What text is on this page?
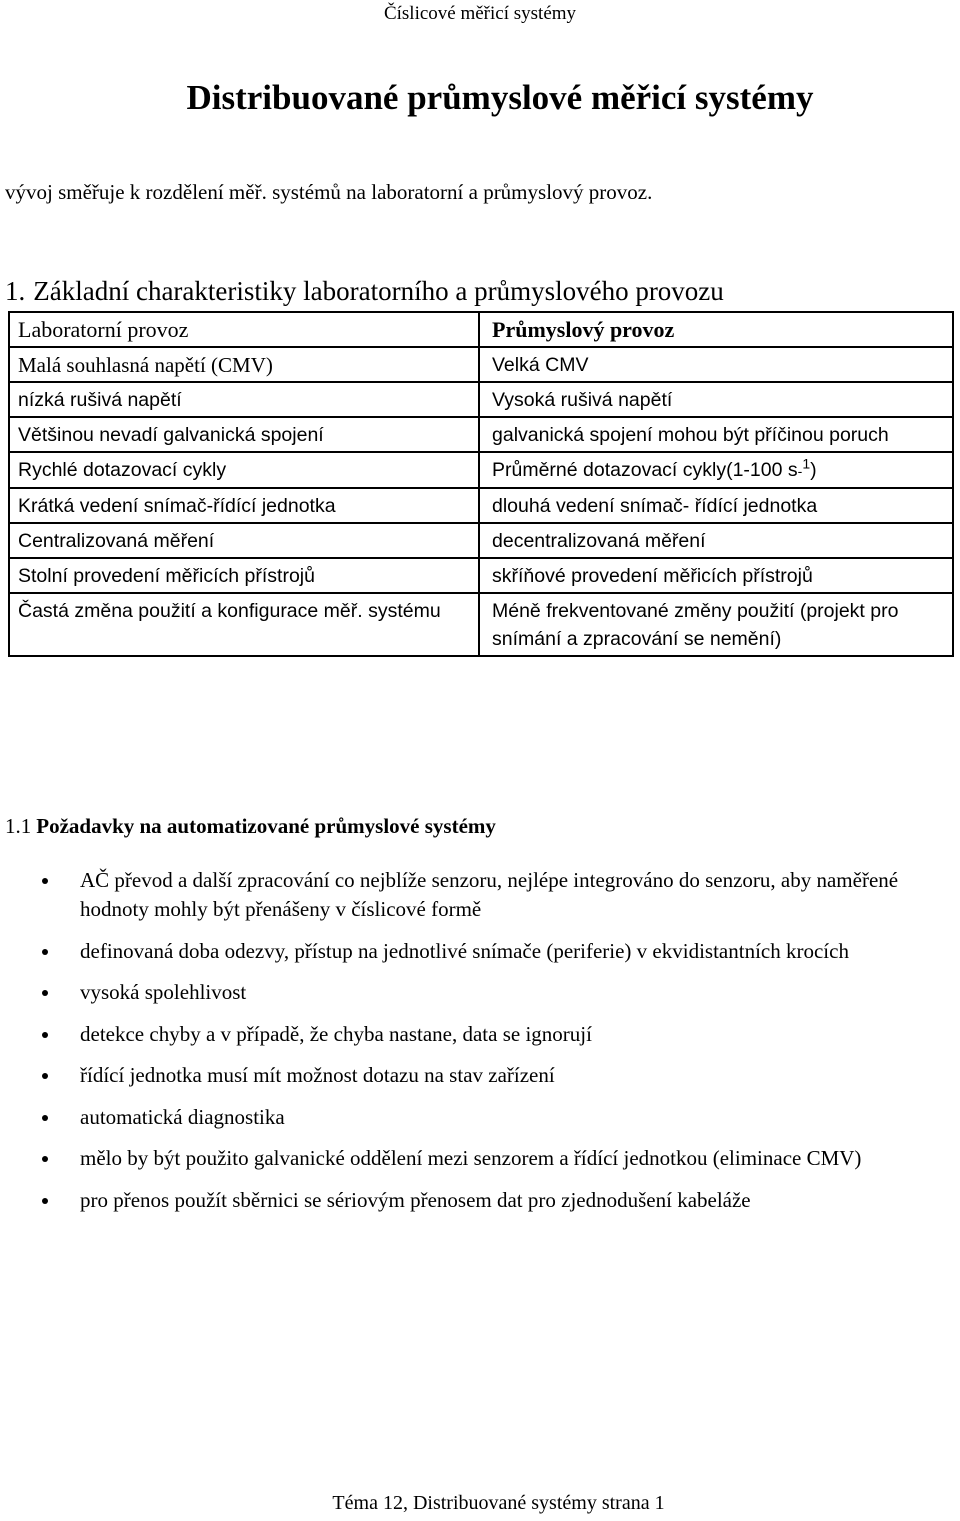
Číslicové měřicí systémy
Distribuované průmyslové měřicí systémy
vývoj směřuje k rozdělení měř. systémů na laboratorní a průmyslový provoz.
1. Základní charakteristiky laboratorního a průmyslového provozu
Laboratorní provoz	Průmyslový provoz
Malá souhlasná napětí (CMV)	Velká CMV
nízká rušivá napětí	Vysoká rušivá napětí
Většinou nevadí galvanická spojení	galvanická spojení mohou být příčinou poruch
Rychlé dotazovací cykly	Průměrné dotazovací cykly(1-100 s-$^1$)
Krátká vedení snímač-řídící jednotka	dlouhá vedení snímač- řídící jednotka
Centralizovaná měření	decentralizovaná měření
Stolní provedení měřicích přístrojů	skříňové provedení měřicích přístrojů
Častá změna použití a konfigurace měř. systému	Méně frekventované změny použití (projekt pro snímání a zpracování se nemění)
1.1 Požadavky na automatizované průmyslové systémy
AČ převod a další zpracování co nejblíže senzoru, nejlépe integrováno do senzoru, aby naměřené hodnoty mohly být přenášeny v číslicové formě
definovaná doba odezvy, přístup na jednotlivé snímače (periferie) v ekvidistantních krocích
vysoká spolehlivost
detekce chyby a v případě, že chyba nastane, data se ignorují
řídící jednotka musí mít možnost dotazu na stav zařízení
automatická diagnostika
mělo by být použito galvanické oddělení mezi senzorem a řídící jednotkou (eliminace CMV)
pro přenos použít sběrnici se sériovým přenosem dat pro zjednodušení kabeláže
Téma 12, Distribuované systémy strana 1
